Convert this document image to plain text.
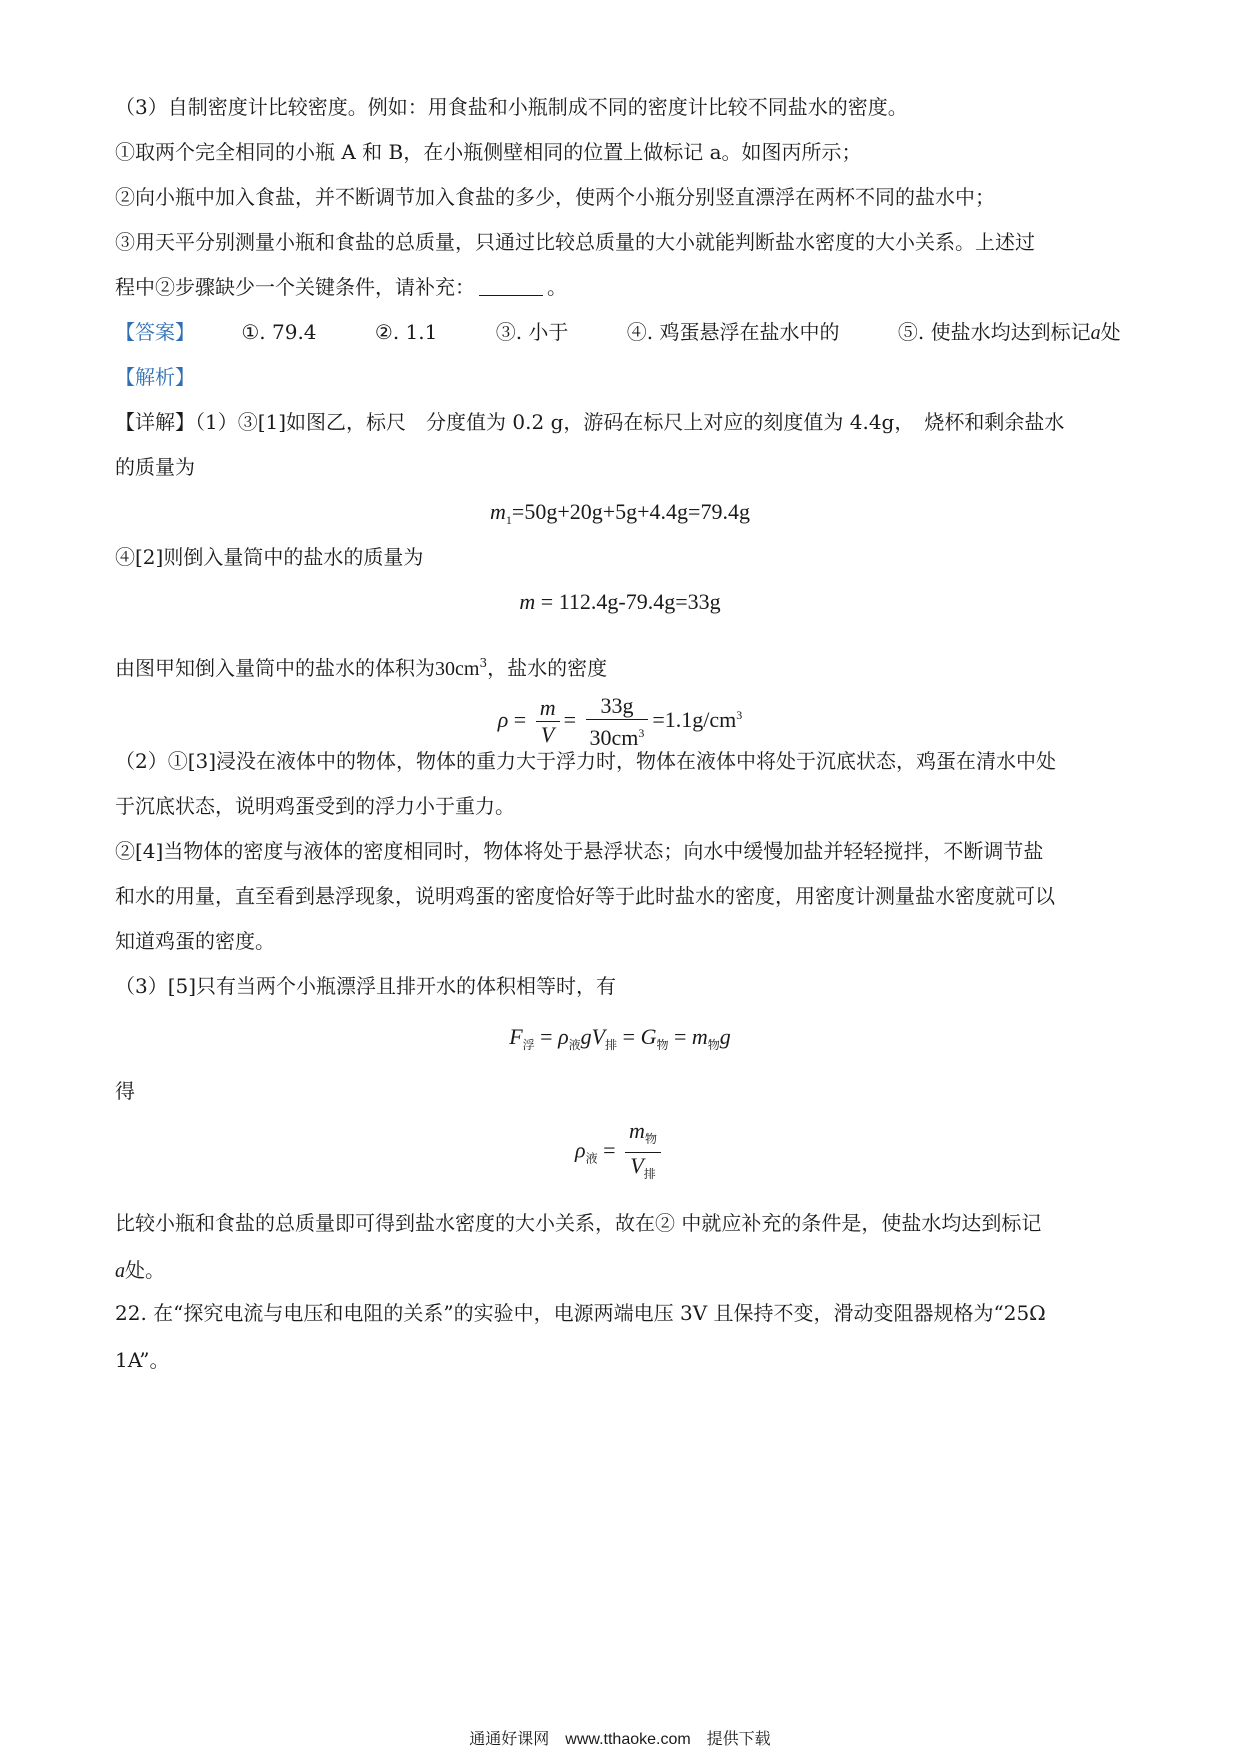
（3）自制密度计比较密度。例如：用食盐和小瓶制成不同的密度计比较不同盐水的密度。
①取两个完全相同的小瓶 A 和 B，在小瓶侧壁相同的位置上做标记 a。如图丙所示；
②向小瓶中加入食盐，并不断调节加入食盐的多少，使两个小瓶分别竖直漂浮在两杯不同的盐水中；
③用天平分别测量小瓶和食盐的总质量，只通过比较总质量的大小就能判断盐水密度的大小关系。上述过
程中②步骤缺少一个关键条件，请补充：	。
【答案】 ①. 79.4	②. 1.1	③. 小于	④. 鸡蛋悬浮在盐水中的	⑤. 使盐水均达到标记a处
【解析】
【详解】（1）③[1]如图乙，标尺　分度值为 0.2 g，游码在标尺上对应的刻度值为 4.4g，　烧杯和剩余盐水
的质量为
$m_1=50g+20g+5g+4.4g=79.4g$
④[2]则倒入量筒中的盐水的质量为
m = 112.4g-79.4g=33g
由图甲知倒入量筒中的盐水的体积为$30cm^3$，盐水的密度
$\rho = \frac{m}{V} = \frac{33g}{30cm^3} =1.1g/cm^3$
（2）①[3]浸没在液体中的物体，物体的重力大于浮力时，物体在液体中将处于沉底状态，鸡蛋在清水中处
于沉底状态，说明鸡蛋受到的浮力小于重力。
②[4]当物体的密度与液体的密度相同时，物体将处于悬浮状态；向水中缓慢加盐并轻轻搅拌，不断调节盐
和水的用量，直至看到悬浮现象，说明鸡蛋的密度恰好等于此时盐水的密度，用密度计测量盐水密度就可以
知道鸡蛋的密度。
（3）[5]只有当两个小瓶漂浮且排开水的体积相等时，有
$F_浮 = \rho_液gV_排 = G_物 = m_物g$
得
$\rho_液 = \frac{m_物}{V_排}$
比较小瓶和食盐的总质量即可得到盐水密度的大小关系，故在② 中就应补充的条件是，使盐水均达到标记
a处。
22. 在“探究电流与电压和电阻的关系”的实验中，电源两端电压 3V 且保持不变，滑动变阻器规格为“25Ω
1A”。
通通好课网　www.tthaoke.com　提供下载
